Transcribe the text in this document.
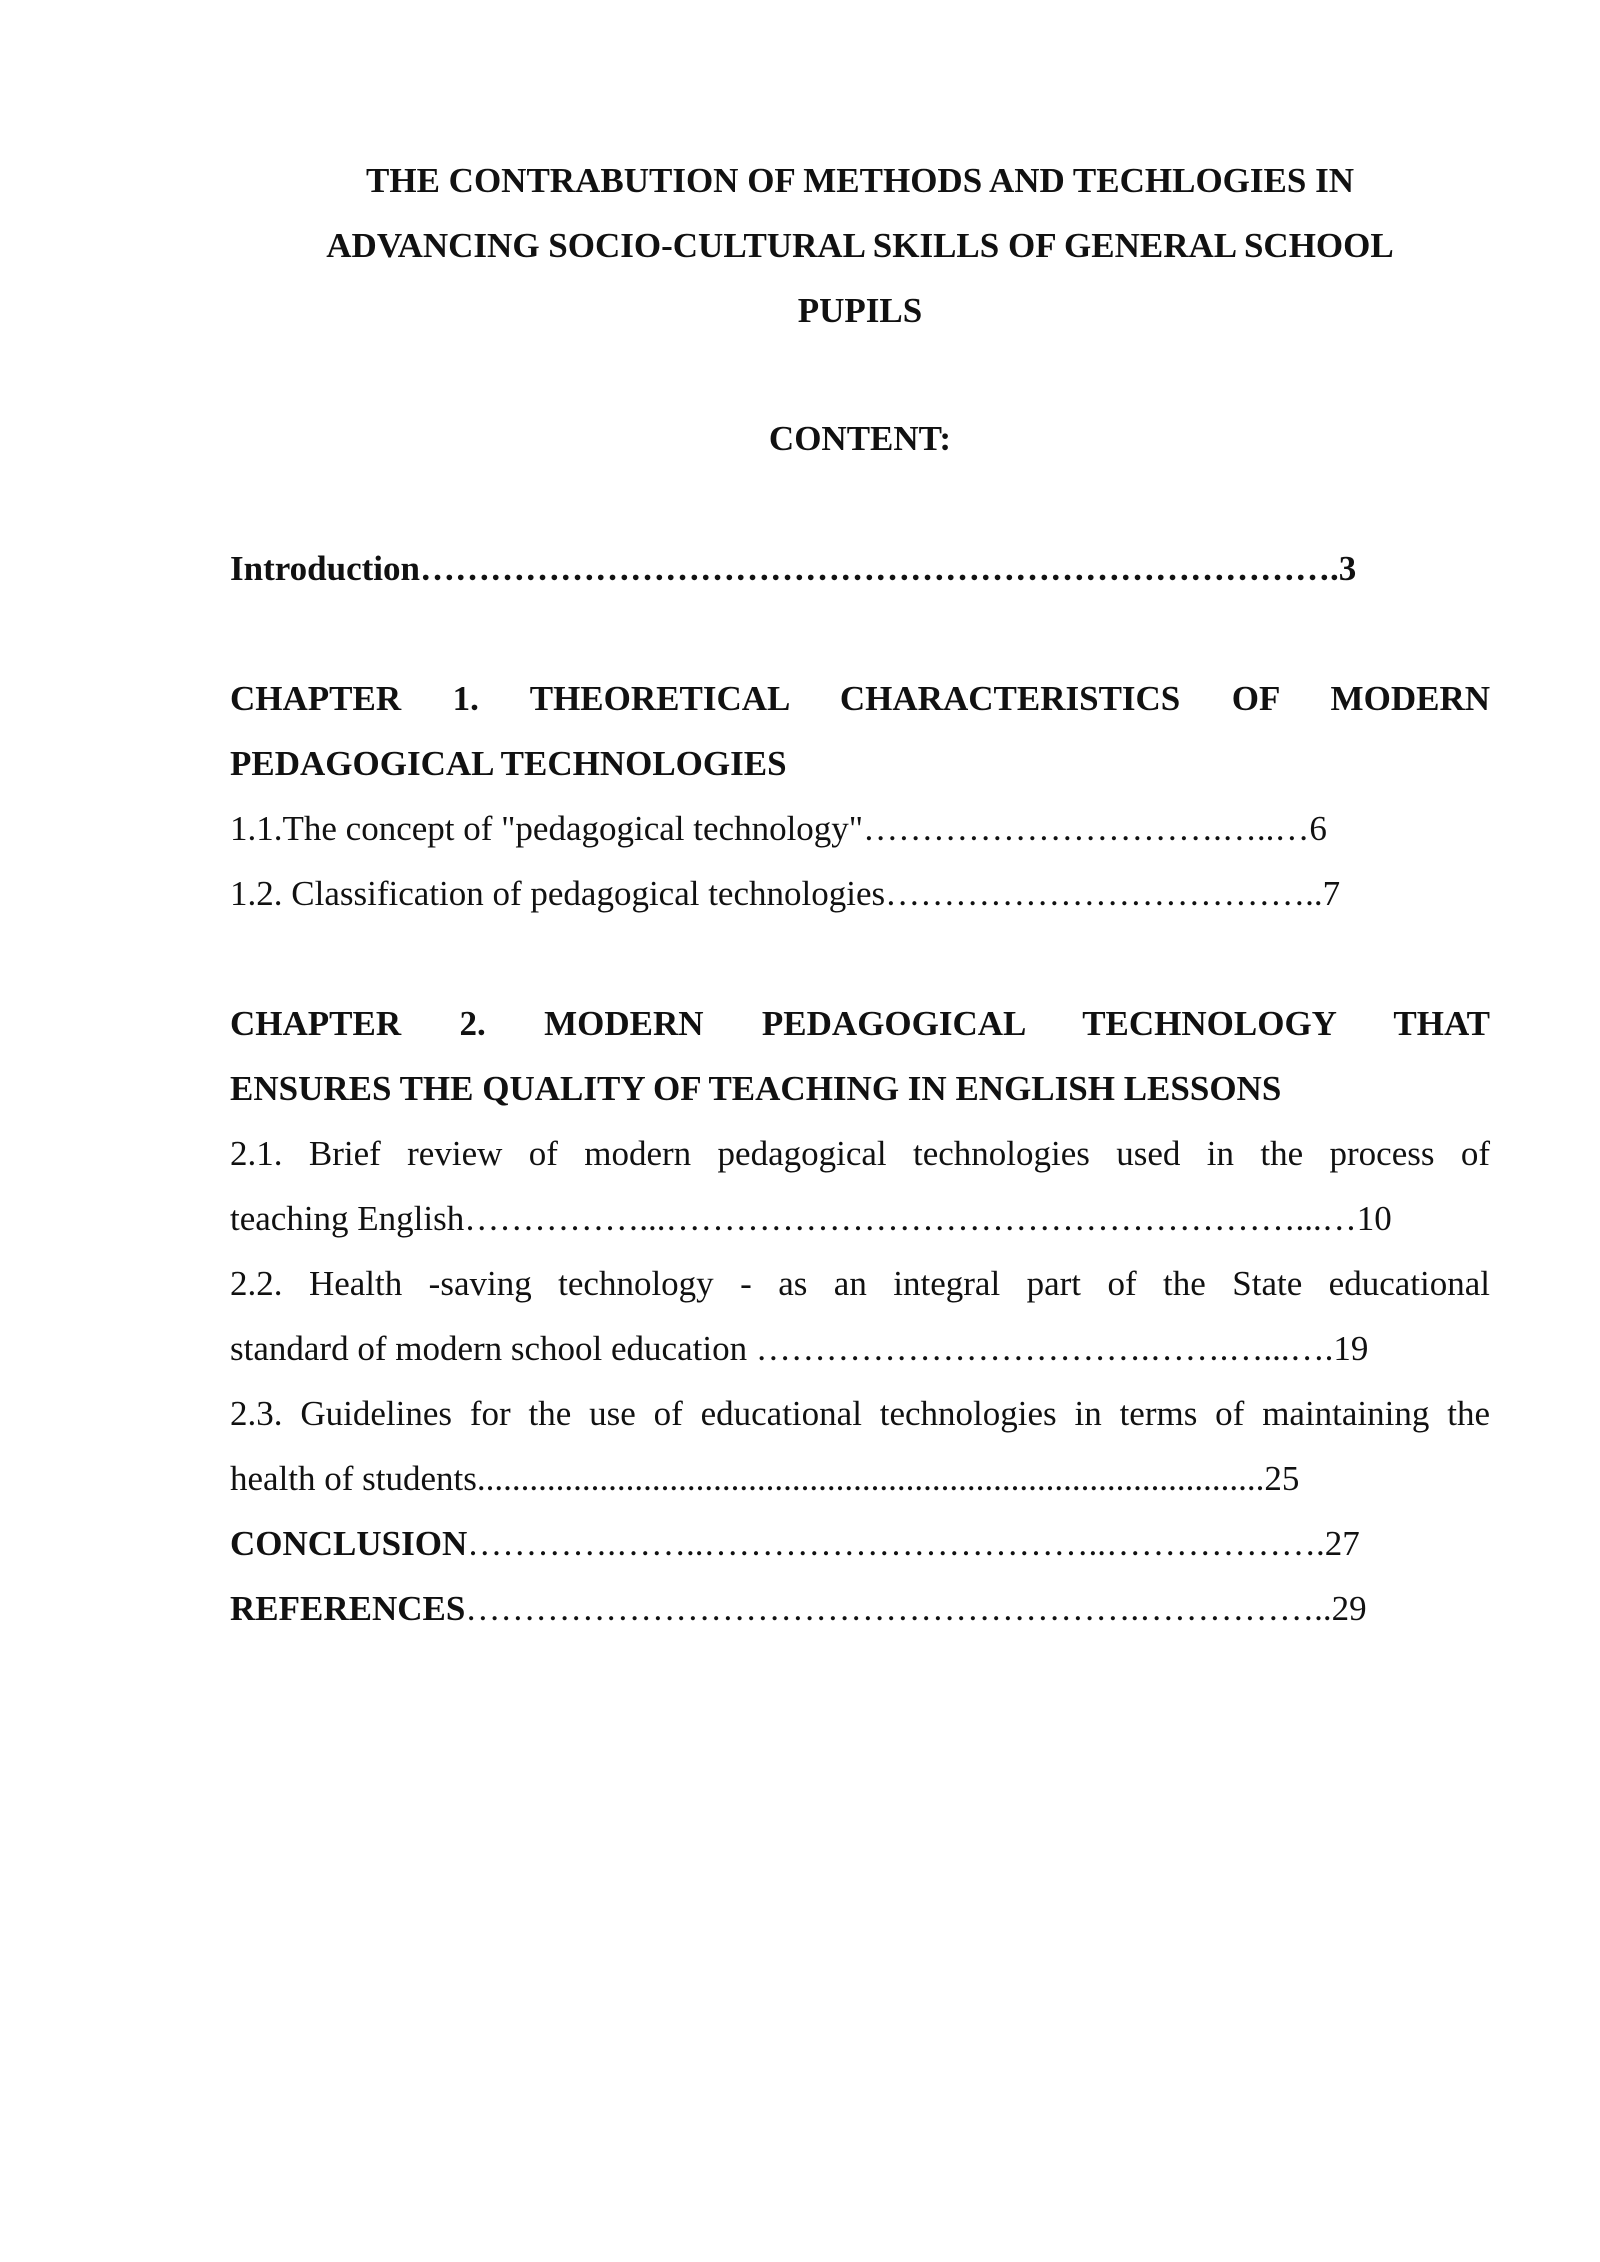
THE CONTRABUTION OF METHODS AND TECHLOGIES IN
ADVANCING SOCIO-CULTURAL SKILLS OF GENERAL SCHOOL
PUPILS
CONTENT:
Introduction…………………………………………………………………….3
CHAPTER 1. THEORETICAL CHARACTERISTICS OF MODERN
PEDAGOGICAL TECHNOLOGIES
1.1.The concept of "pedagogical technology"………………………….…..…6
1.2. Classification of pedagogical technologies………………………………..7
CHAPTER 2. MODERN PEDAGOGICAL TECHNOLOGY THAT
ENSURES THE QUALITY OF TEACHING IN ENGLISH LESSONS
2.1. Brief review of modern pedagogical technologies used in the process of
teaching English……………...………………………………………………...…10
2.2. Health -saving technology - as an integral part of the State educational
standard of modern school education …………………………….…….…...….19
2.3. Guidelines for the use of educational technologies in terms of maintaining the
health of students..........................................................................................25
CONCLUSION………….……..……………………………..……………….27
REFERENCES………………………………………………….……………..29
